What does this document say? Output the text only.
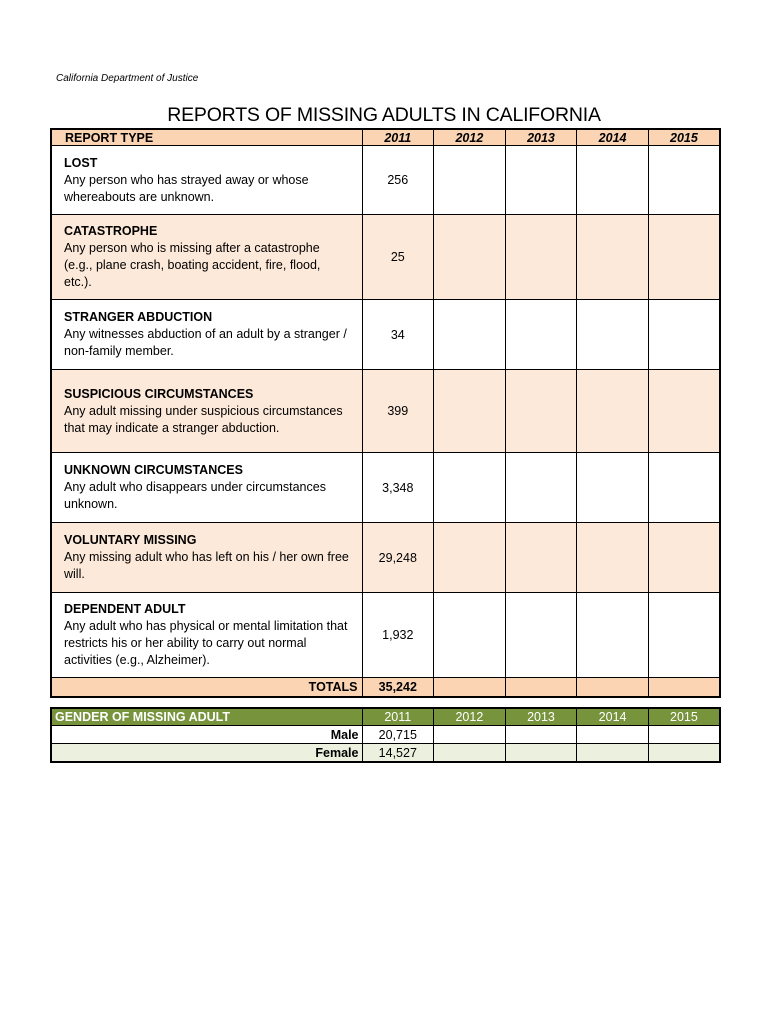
California Department of Justice
REPORTS OF MISSING ADULTS IN CALIFORNIA
REPORT TYPE	2011	2012	2013	2014	2015

LOST
Any person who has strayed away or whose whereabouts are unknown.	256				

CATASTROPHE
Any person who is missing after a catastrophe (e.g., plane crash, boating accident, fire, flood, etc.).	25				

STRANGER ABDUCTION
Any witnesses abduction of an adult by a stranger / non-family member.	34				

SUSPICIOUS CIRCUMSTANCES
Any adult missing under suspicious circumstances that may indicate a stranger abduction.	399				

UNKNOWN CIRCUMSTANCES
Any adult who disappears under circumstances unknown.	3,348				

VOLUNTARY MISSING
Any missing adult who has left on his / her own free will.	29,248				

DEPENDENT ADULT
Any adult who has physical or mental limitation that restricts his or her ability to carry out normal activities (e.g., Alzheimer).	1,932				
TOTALS	35,242				
GENDER OF MISSING ADULT	2011	2012	2013	2014	2015
Male	20,715				
Female	14,527				
